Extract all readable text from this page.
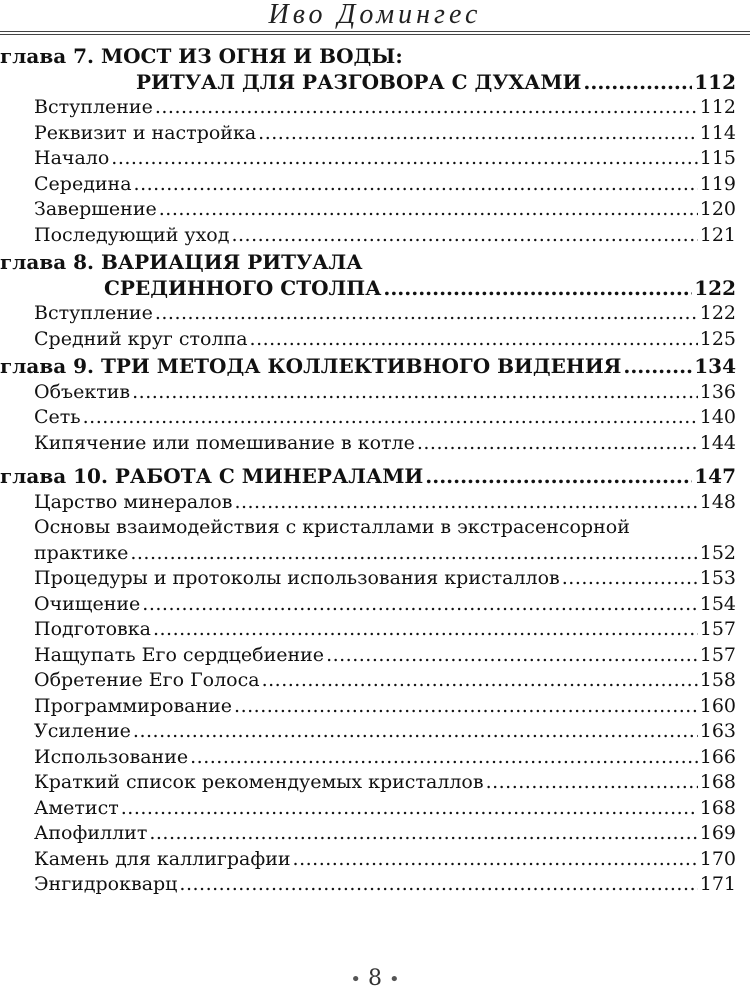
Иво Домингес
глава 7. МОСТ ИЗ ОГНЯ И ВОДЫ:
РИТУАЛ ДЛЯ РАЗГОВОРА С ДУХАМИ .....	112
Вступление .....	112
Реквизит и настройка .....	114
Начало .....	115
Середина .....	119
Завершение .....	120
Последующий уход .....	121
глава 8. ВАРИАЦИЯ РИТУАЛА
СРЕДИННОГО СТОЛПА .....	122
Вступление .....	122
Средний круг столпа .....	125
глава 9. ТРИ МЕТОДА КОЛЛЕКТИВНОГО ВИДЕНИЯ .....	134
Объектив .....	136
Сеть .....	140
Кипячение или помешивание в котле .....	144
глава 10. РАБОТА С МИНЕРАЛАМИ .....	147
Царство минералов .....	148
Основы взаимодействия с кристаллами в экстрасенсорной
практике .....	152
Процедуры и протоколы использования кристаллов .....	153
Очищение .....	154
Подготовка .....	157
Нащупать Его сердцебиение .....	157
Обретение Его Голоса .....	158
Программирование .....	160
Усиление .....	163
Использование .....	166
Краткий список рекомендуемых кристаллов .....	168
Аметист .....	168
Апофиллит .....	169
Камень для каллиграфии .....	170
Энгидрокварц .....	171
• 8 •
